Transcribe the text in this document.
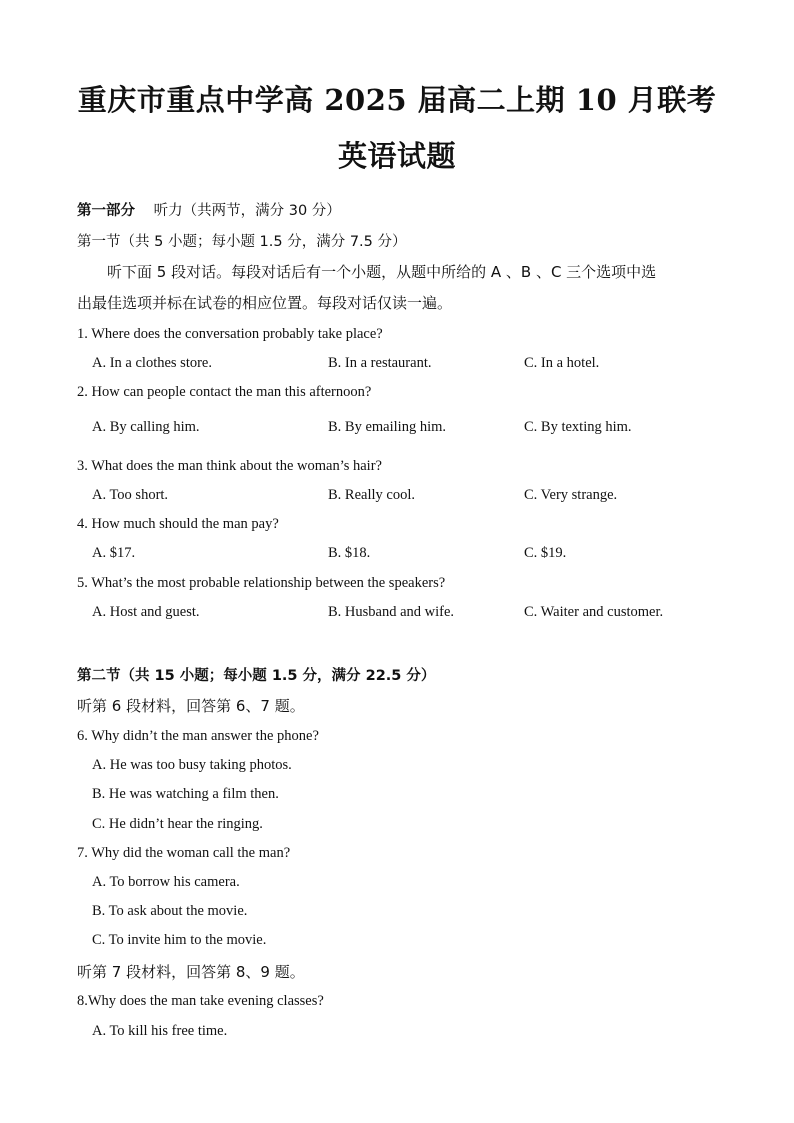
重庆市重点中学高 2025 届高二上期 10 月联考
英语试题
第一部分 听力（共两节，满分 30 分）
第一节（共 5 小题；每小题 1.5 分，满分 7.5 分）
听下面 5 段对话。每段对话后有一个小题，从题中所给的 A 、B 、C 三个选项中选
出最佳选项并标在试卷的相应位置。每段对话仅读一遍。
1. Where does the conversation probably take place?
A. In a clothes store.	B. In a restaurant.	C. In a hotel.
2. How can people contact the man this afternoon?
A. By calling him.	B. By emailing him.	C. By texting him.
3. What does the man think about the woman’s hair?
A. Too short.	B. Really cool.	C. Very strange.
4. How much should the man pay?
A. $17.	B. $18.	C. $19.
5. What’s the most probable relationship between the speakers?
A. Host and guest.	B. Husband and wife.	C. Waiter and customer.
第二节（共 15 小题；每小题 1.5 分，满分 22.5 分）
听第 6 段材料，回答第 6、7 题。
6. Why didn’t the man answer the phone?
A. He was too busy taking photos.
B. He was watching a film then.
C. He didn’t hear the ringing.
7. Why did the woman call the man?
A. To borrow his camera.
B. To ask about the movie.
C. To invite him to the movie.
听第 7 段材料，回答第 8、9 题。
8.Why does the man take evening classes?
A. To kill his free time.
